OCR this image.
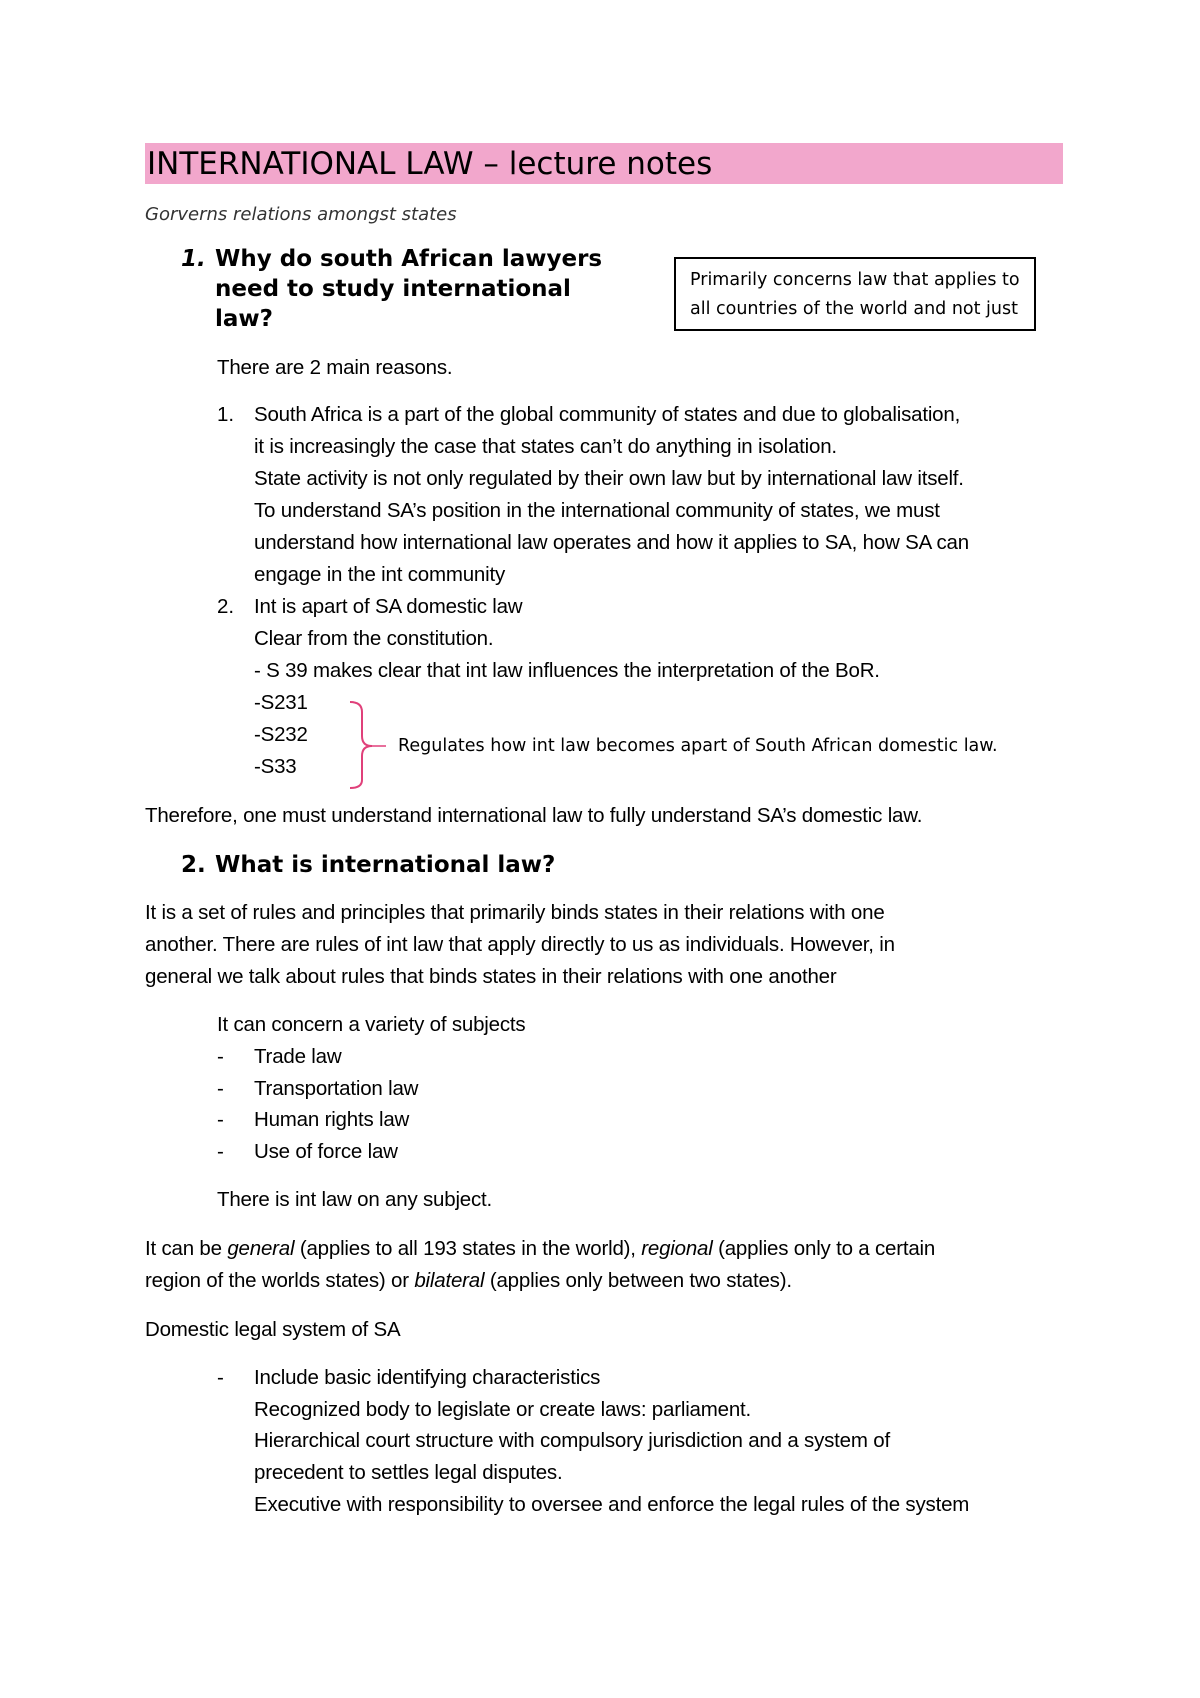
INTERNATIONAL LAW – lecture notes
Gorverns relations amongst states
1. Why do south African lawyers
need to study international
law?
Primarily concerns law that applies to
all countries of the world and not just
There are 2 main reasons.
1. South Africa is a part of the global community of states and due to globalisation,
it is increasingly the case that states can’t do anything in isolation.
State activity is not only regulated by their own law but by international law itself.
To understand SA’s position in the international community of states, we must
understand how international law operates and how it applies to SA, how SA can
engage in the int community
2. Int is apart of SA domestic law
Clear from the constitution.
- S 39 makes clear that int law influences the interpretation of the BoR.
-S231
-S232
-S33
Regulates how int law becomes apart of South African domestic law.
Therefore, one must understand international law to fully understand SA’s domestic law.
2. What is international law?
It is a set of rules and principles that primarily binds states in their relations with one
another. There are rules of int law that apply directly to us as individuals. However, in
general we talk about rules that binds states in their relations with one another
It can concern a variety of subjects
- Trade law
- Transportation law
- Human rights law
- Use of force law
There is int law on any subject.
It can be general (applies to all 193 states in the world), regional (applies only to a certain
region of the worlds states) or bilateral (applies only between two states).
Domestic legal system of SA
- Include basic identifying characteristics
Recognized body to legislate or create laws: parliament.
Hierarchical court structure with compulsory jurisdiction and a system of
precedent to settles legal disputes.
Executive with responsibility to oversee and enforce the legal rules of the system
